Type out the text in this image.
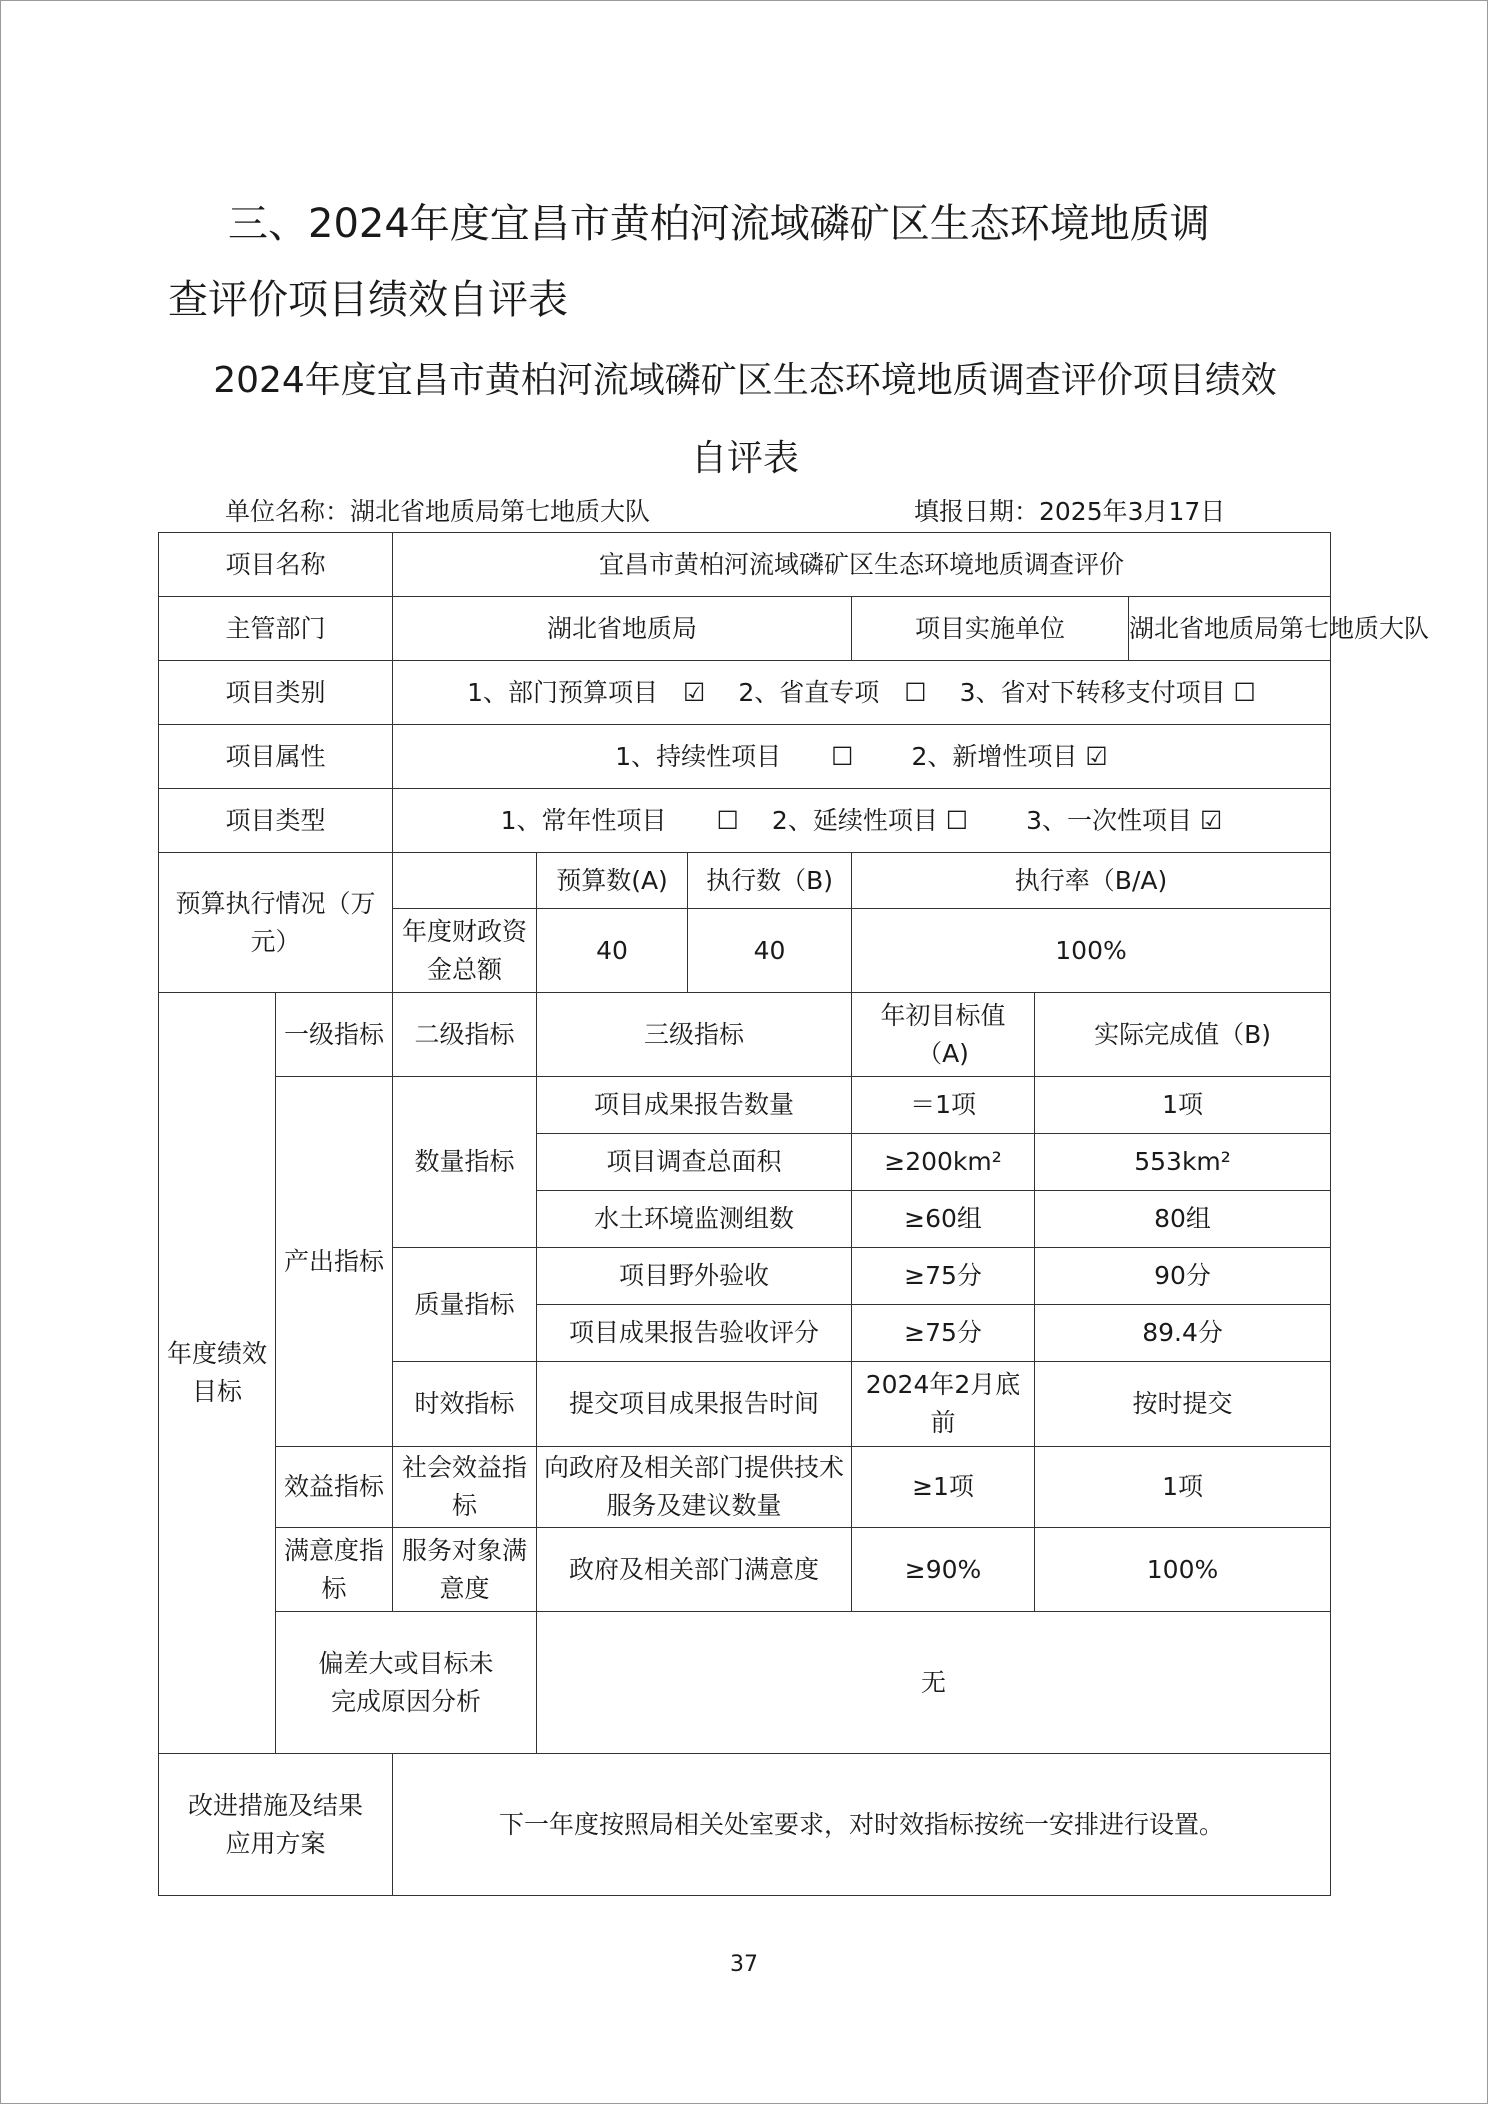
三、2024年度宜昌市黄柏河流域磷矿区生态环境地质调
查评价项目绩效自评表
2024年度宜昌市黄柏河流域磷矿区生态环境地质调查评价项目绩效
自评表
单位名称：湖北省地质局第七地质大队	填报日期：2025年3月17日
项目名称		宜昌市黄柏河流域磷矿区生态环境地质调查评价					
主管部门		湖北省地质局			项目实施单位		湖北省地质局第七地质大队
项目类别		1、部门预算项目　☑　 2、省直专项　☐　 3、省对下转移支付项目 ☐					
项目属性		1、持续性项目　　☐　　 2、新增性项目 ☑					
项目类型		1、常年性项目　　☐　 2、延续性项目 ☐　　 3、一次性项目 ☑					
预算执行情况（万元）			预算数(A)	执行数（B)	执行率（B/A)		
		年度财政资金总额	40	40	100%		
年度绩效目标	一级指标	二级指标	三级指标		年初目标值（A)	实际完成值（B)	
	产出指标	数量指标	项目成果报告数量		＝1项	1项	
			项目调查总面积		≥200km²	553km²	
			水土环境监测组数		≥60组	80组	
		质量指标	项目野外验收		≥75分	90分	
			项目成果报告验收评分		≥75分	89.4分	
		时效指标	提交项目成果报告时间		2024年2月底前	按时提交	
	效益指标	社会效益指标	向政府及相关部门提供技术服务及建议数量		≥1项	1项	
	满意度指标	服务对象满意度	政府及相关部门满意度		≥90%	100%	
	偏差大或目标未完成原因分析		无				
改进措施及结果应用方案		下一年度按照局相关处室要求，对时效指标按统一安排进行设置。					
37
